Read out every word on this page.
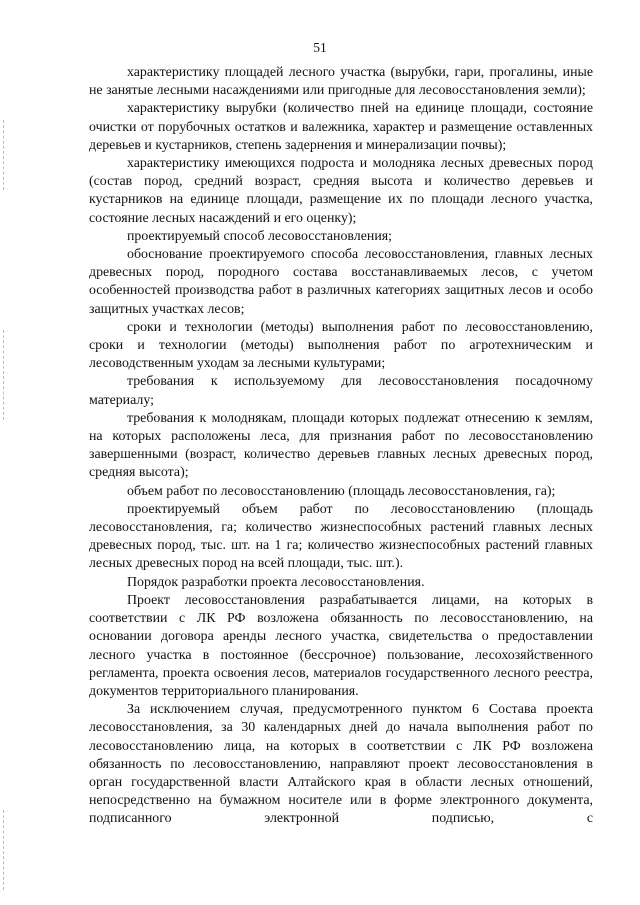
51

характеристику площадей лесного участка (вырубки, гари, прогалины, иные не занятые лесными насаждениями или пригодные для лесовосстановления земли);

характеристику вырубки (количество пней на единице площади, состояние очистки от порубочных остатков и валежника, характер и размещение оставленных деревьев и кустарников, степень задернения и минерализации почвы);

характеристику имеющихся подроста и молодняка лесных древесных пород (состав пород, средний возраст, средняя высота и количество деревьев и кустарников на единице площади, размещение их по площади лесного участка, состояние лесных насаждений и его оценку);

проектируемый способ лесовосстановления;

обоснование проектируемого способа лесовосстановления, главных лесных древесных пород, породного состава восстанавливаемых лесов, с учетом особенностей производства работ в различных категориях защитных лесов и особо защитных участках лесов;

сроки и технологии (методы) выполнения работ по лесовосстановлению, сроки и технологии (методы) выполнения работ по агротехническим и лесоводственным уходам за лесными культурами;

требования к используемому для лесовосстановления посадочному материалу;

требования к молоднякам, площади которых подлежат отнесению к землям, на которых расположены леса, для признания работ по лесовосстановлению завершенными (возраст, количество деревьев главных лесных древесных пород, средняя высота);

объем работ по лесовосстановлению (площадь лесовосстановления, га);

проектируемый объем работ по лесовосстановлению (площадь лесовосстановления, га; количество жизнеспособных растений главных лесных древесных пород, тыс. шт. на 1 га; количество жизнеспособных растений главных лесных древесных пород на всей площади, тыс. шт.).

Порядок разработки проекта лесовосстановления.

Проект лесовосстановления разрабатывается лицами, на которых в соответствии с ЛК РФ возложена обязанность по лесовосстановлению, на основании договора аренды лесного участка, свидетельства о предоставлении лесного участка в постоянное (бессрочное) пользование, лесохозяйственного регламента, проекта освоения лесов, материалов государственного лесного реестра, документов территориального планирования.

За исключением случая, предусмотренного пунктом 6 Состава проекта лесовосстановления, за 30 календарных дней до начала выполнения работ по лесовосстановлению лица, на которых в соответствии с ЛК РФ возложена обязанность по лесовосстановлению, направляют проект лесовосстановления в орган государственной власти Алтайского края в области лесных отношений, непосредственно на бумажном носителе или в форме электронного документа, подписанного электронной подписью, с
